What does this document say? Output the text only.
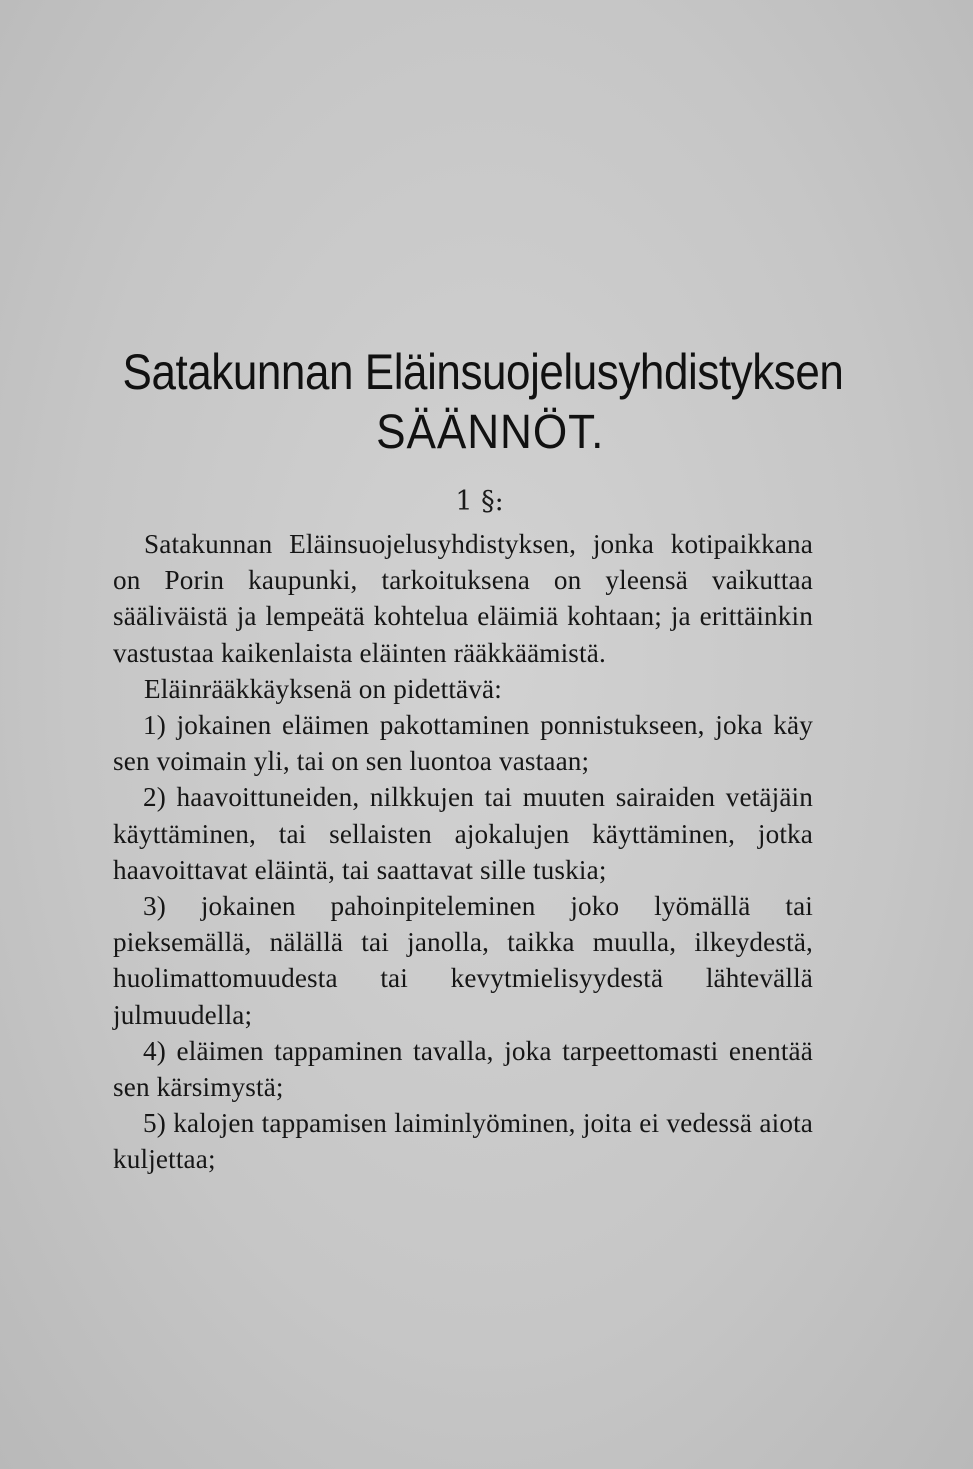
Satakunnan Eläinsuojelusyhdistyksen
SÄÄNNÖT.
1 §:

Satakunnan Eläinsuojelusyhdistyksen, jonka kotipaikkana on Porin kaupunki, tarkoituksena on yleensä vaikuttaa sääliväistä ja lempeätä kohtelua eläimiä kohtaan; ja erittäinkin vastustaa kaikenlaista eläinten rääkkäämistä.

Eläinrääkkäyksenä on pidettävä:

1) jokainen eläimen pakottaminen ponnistukseen, joka käy sen voimain yli, tai on sen luontoa vastaan;

2) haavoittuneiden, nilkkujen tai muuten sairaiden vetäjäin käyttäminen, tai sellaisten ajokalujen käyttäminen, jotka haavoittavat eläintä, tai saattavat sille tuskia;

3) jokainen pahoinpiteleminen joko lyömällä tai pieksemällä, nälällä tai janolla, taikka muulla, ilkeydestä, huolimattomuudesta tai kevytmielisyydestä lähtevällä julmuudella;

4) eläimen tappaminen tavalla, joka tarpeettomasti enentää sen kärsimystä;

5) kalojen tappamisen laiminlyöminen, joita ei vedessä aiota kuljettaa;
